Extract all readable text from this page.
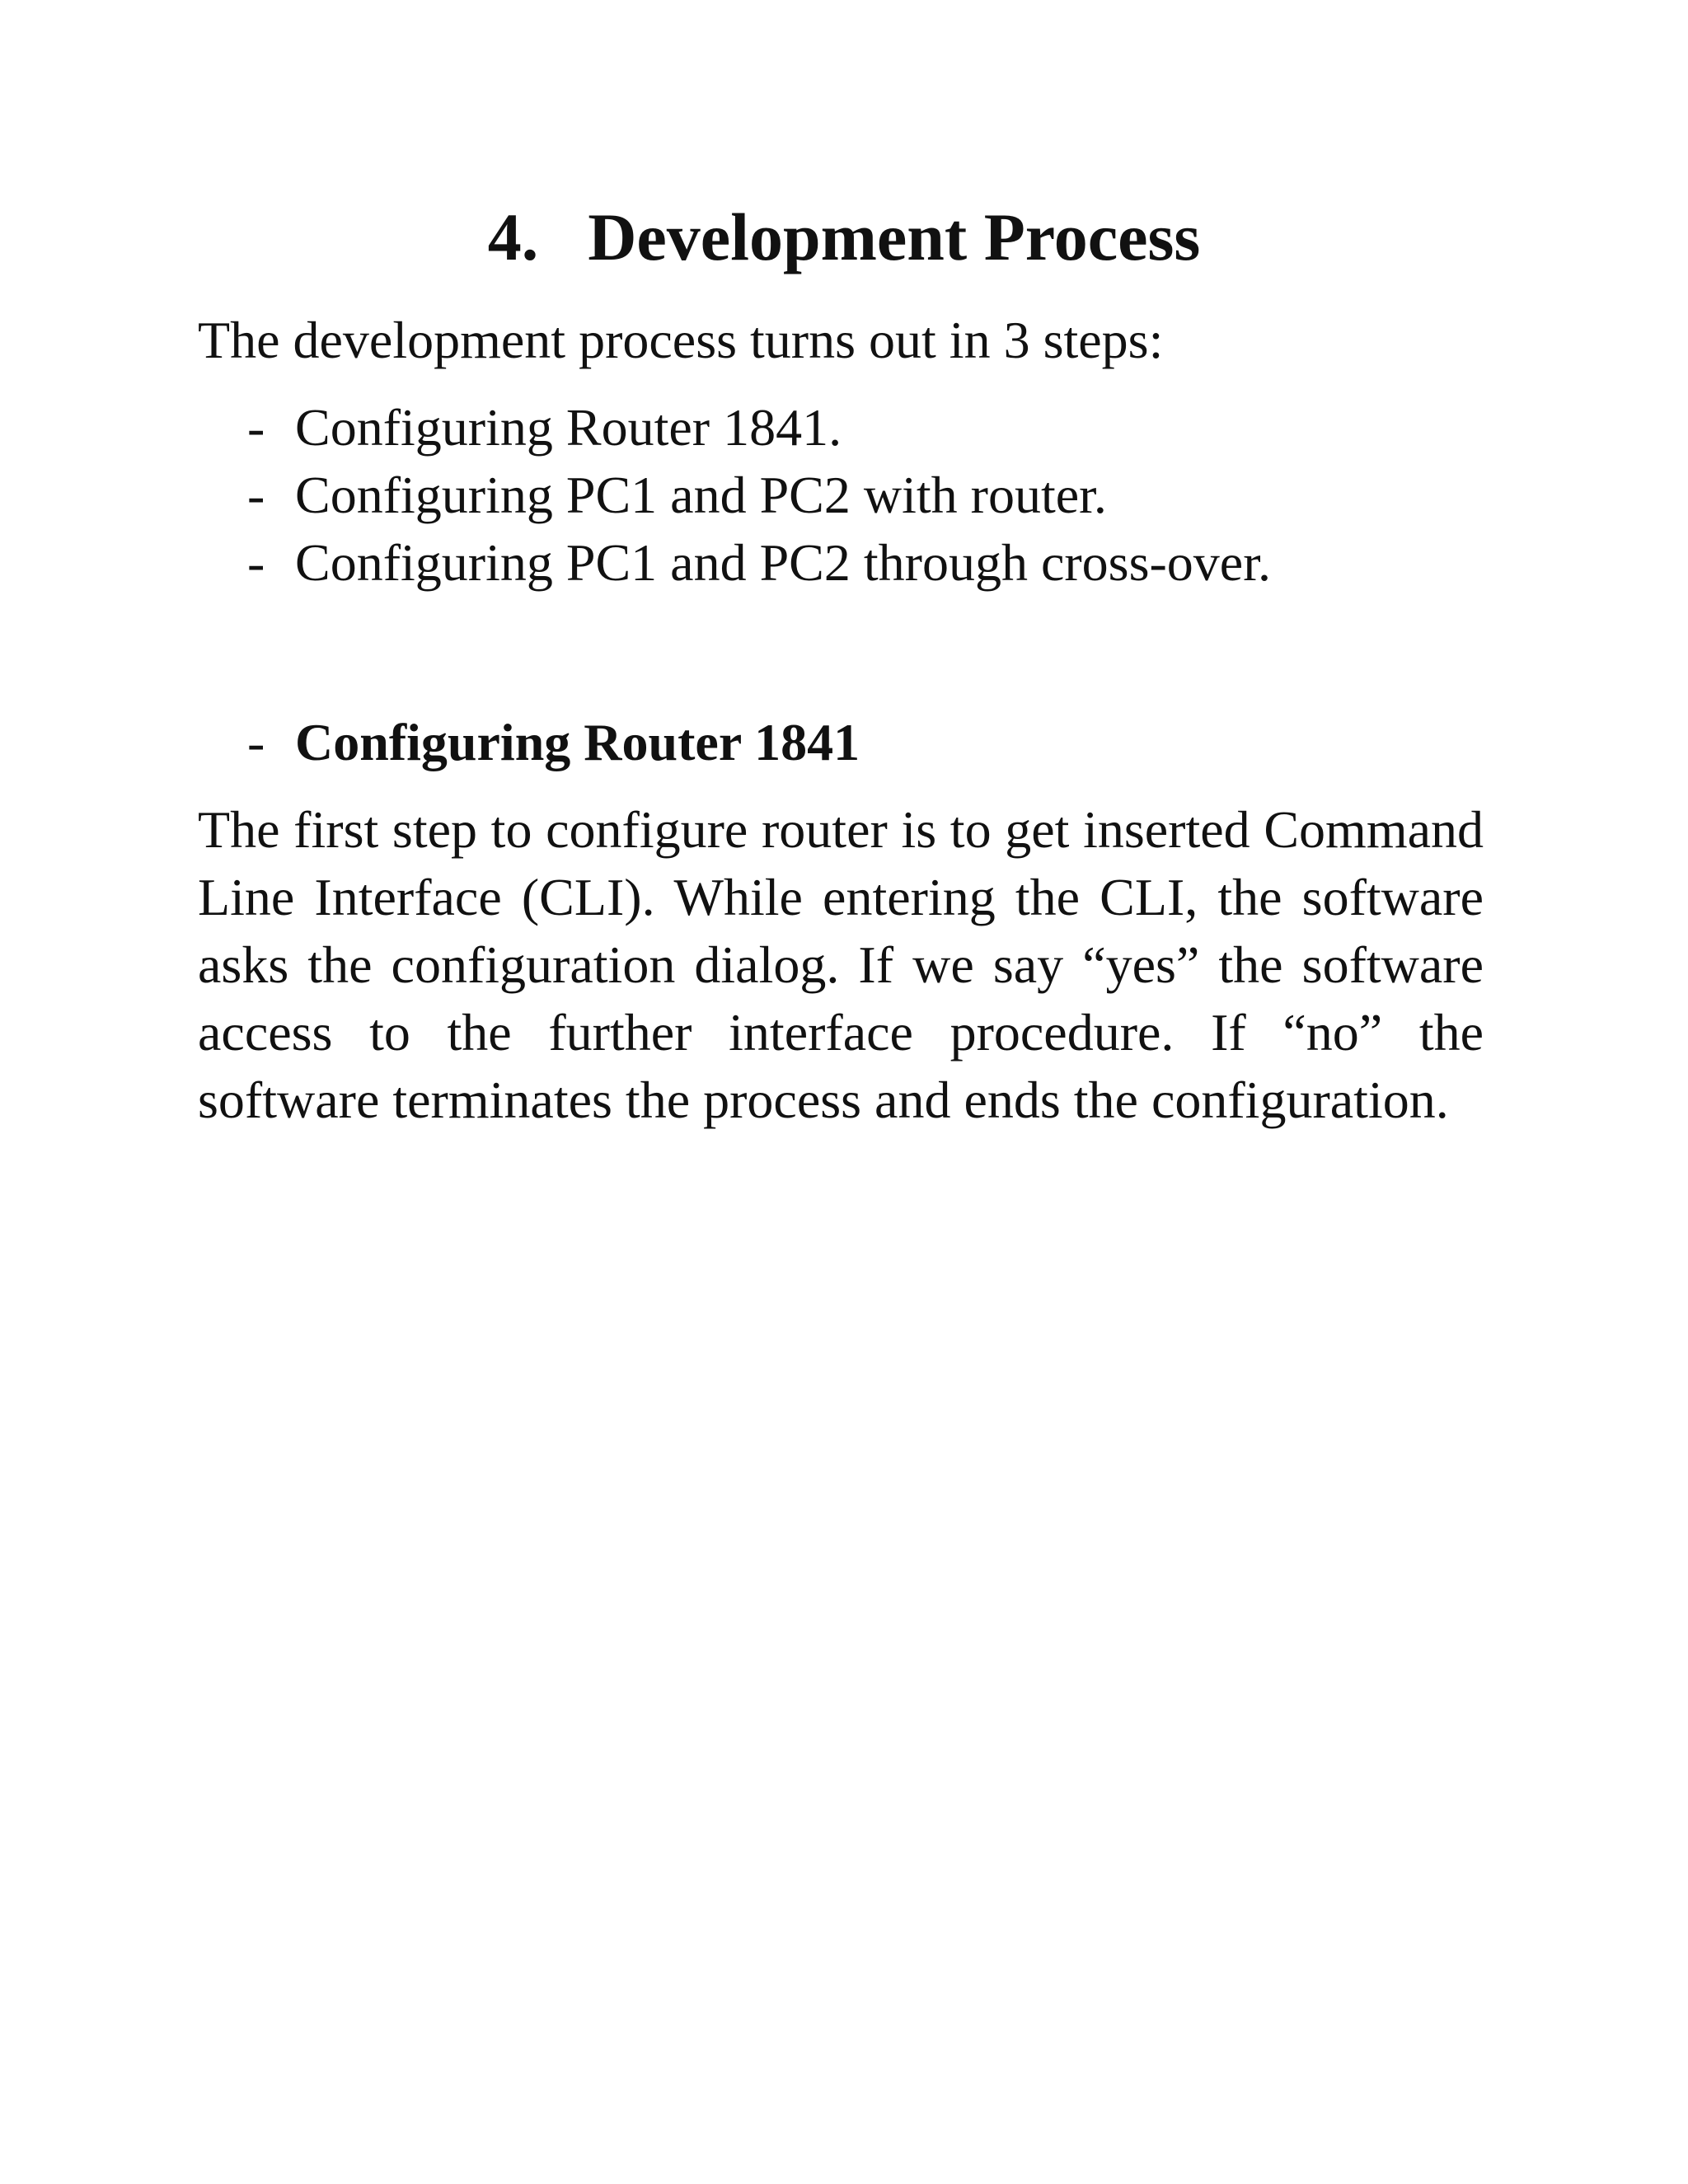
4. Development Process

The development process turns out in 3 steps:

- Configuring Router 1841.
- Configuring PC1 and PC2 with router.
- Configuring PC1 and PC2 through cross-over.
- Configuring Router 1841

The first step to configure router is to get inserted Command Line Interface (CLI). While entering the CLI, the software asks the configuration dialog. If we say “yes” the software access to the further interface procedure. If “no” the software terminates the process and ends the configuration.
